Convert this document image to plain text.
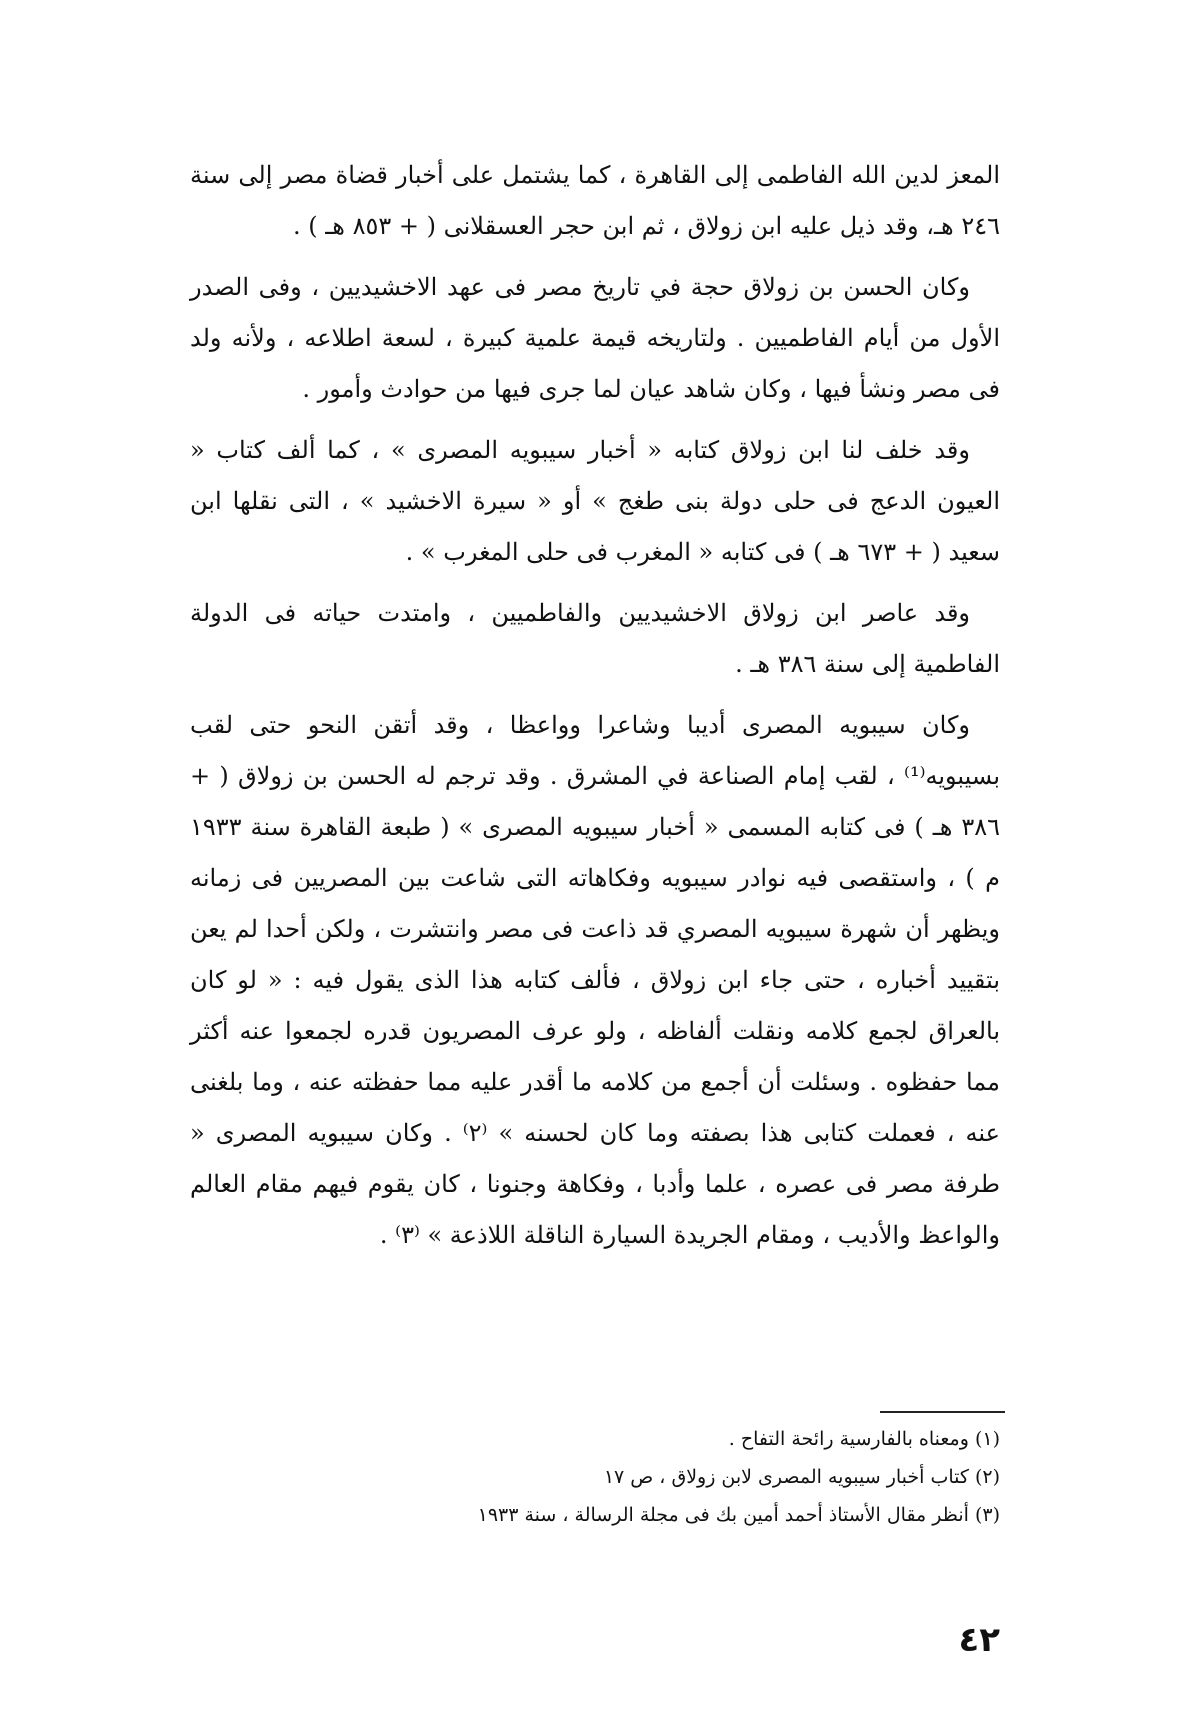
المعز لدين الله الفاطمى إلى القاهرة ، كما يشتمل على أخبار قضاة مصر إلى سنة ٢٤٦ هـ، وقد ذيل عليه ابن زولاق ، ثم ابن حجر العسقلانى ( + ٨٥٣ هـ ) .

وكان الحسن بن زولاق حجة في تاريخ مصر فى عهد الاخشيديين ، وفى الصدر الأول من أيام الفاطميين . ولتاريخه قيمة علمية كبيرة ، لسعة اطلاعه ، ولأنه ولد فى مصر ونشأ فيها ، وكان شاهد عيان لما جرى فيها من حوادث وأمور .

وقد خلف لنا ابن زولاق كتابه « أخبار سيبويه المصرى » ، كما ألف كتاب « العيون الدعج فى حلى دولة بنى طغج » أو « سيرة الاخشيد » ، التى نقلها ابن سعيد ( + ٦٧٣ هـ ) فى كتابه « المغرب فى حلى المغرب » .

وقد عاصر ابن زولاق الاخشيديين والفاطميين ، وامتدت حياته فى الدولة الفاطمية إلى سنة ٣٨٦ هـ .

وكان سيبويه المصرى أديبا وشاعرا وواعظا ، وقد أتقن النحو حتى لقب بسيبويه⁽¹⁾ ، لقب إمام الصناعة في المشرق . وقد ترجم له الحسن بن زولاق ( + ٣٨٦ هـ ) فى كتابه المسمى « أخبار سيبويه المصرى » ( طبعة القاهرة سنة ١٩٣٣ م ) ، واستقصى فيه نوادر سيبويه وفكاهاته التى شاعت بين المصريين فى زمانه ويظهر أن شهرة سيبويه المصري قد ذاعت فى مصر وانتشرت ، ولكن أحدا لم يعن بتقييد أخباره ، حتى جاء ابن زولاق ، فألف كتابه هذا الذى يقول فيه : « لو كان بالعراق لجمع كلامه ونقلت ألفاظه ، ولو عرف المصريون قدره لجمعوا عنه أكثر مما حفظوه . وسئلت أن أجمع من كلامه ما أقدر عليه مما حفظته عنه ، وما بلغنى عنه ، فعملت كتابى هذا بصفته وما كان لحسنه » ⁽٢⁾ . وكان سيبويه المصرى « طرفة مصر فى عصره ، علما وأدبا ، وفكاهة وجنونا ، كان يقوم فيهم مقام العالم والواعظ والأديب ، ومقام الجريدة السيارة الناقلة اللاذعة » ⁽٣⁾ .

(١) ومعناه بالفارسية رائحة التفاح .
(٢) كتاب أخبار سيبويه المصرى لابن زولاق ، ص ١٧
(٣) أنظر مقال الأستاذ أحمد أمين بك فى مجلة الرسالة ، سنة ١٩٣٣
٤٢
